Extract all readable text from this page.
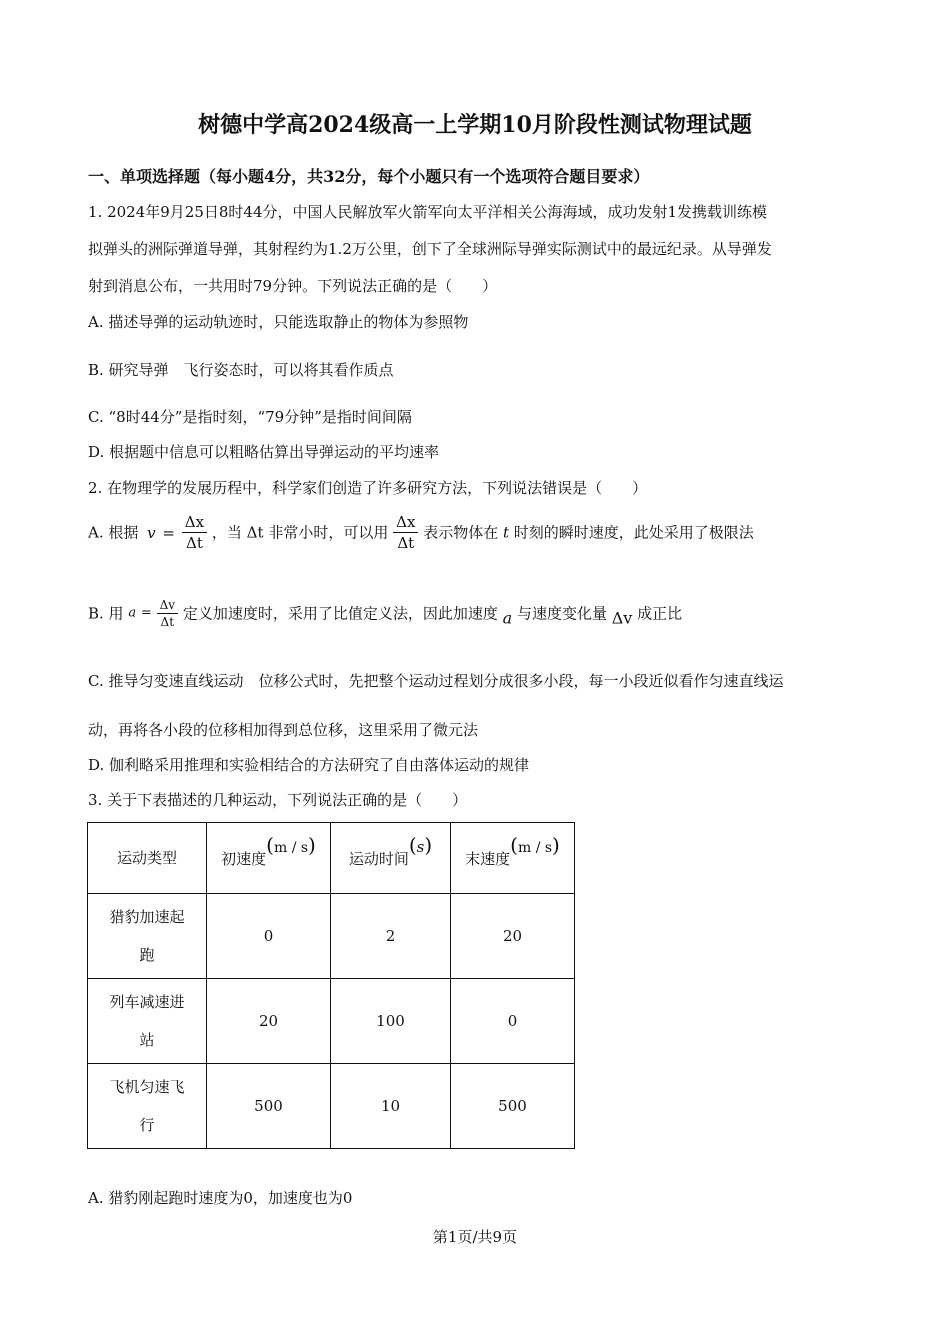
树德中学高2024级高一上学期10月阶段性测试物理试题
一、单项选择题（每小题4分，共32分，每个小题只有一个选项符合题目要求）
1. 2024年9月25日8时44分，中国人民解放军火箭军向太平洋相关公海海域，成功发射1发携载训练模
拟弹头的洲际弹道导弹，其射程约为1.2万公里，创下了全球洲际导弹实际测试中的最远纪录。从导弹发
射到消息公布，一共用时79分钟。下列说法正确的是（　　）
A. 描述导弹的运动轨迹时，只能选取静止的物体为参照物
B. 研究导弹　飞行姿态时，可以将其看作质点
C. “8时44分”是指时刻，“79分钟”是指时间间隔
D. 根据题中信息可以粗略估算出导弹运动的平均速率
2. 在物理学的发展历程中，科学家们创造了许多研究方法，下列说法错误是（　　）
A. 根据 $v = \frac{\Delta x}{\Delta t}$ ，当 Δt 非常小时，可以用 $\frac{\Delta x}{\Delta t}$ 表示物体在 t 时刻的瞬时速度，此处采用了极限法
B. 用 $a = \frac{\Delta v}{\Delta t}$ 定义加速度时，采用了比值定义法，因此加速度 a 与速度变化量 Δv 成正比
C. 推导匀变速直线运动　位移公式时，先把整个运动过程划分成很多小段，每一小段近似看作匀速直线运
动，再将各小段的位移相加得到总位移，这里采用了微元法
D. 伽利略采用推理和实验相结合的方法研究了自由落体运动的规律
3. 关于下表描述的几种运动，下列说法正确的是（　　）
运动类型	初速度(m / s)	运动时间(s)	末速度(m / s)
猎豹加速起
跑	0	2	20
列车减速进
站	20	100	0
飞机匀速飞
行	500	10	500
A. 猎豹刚起跑时速度为0，加速度也为0
第1页/共9页
